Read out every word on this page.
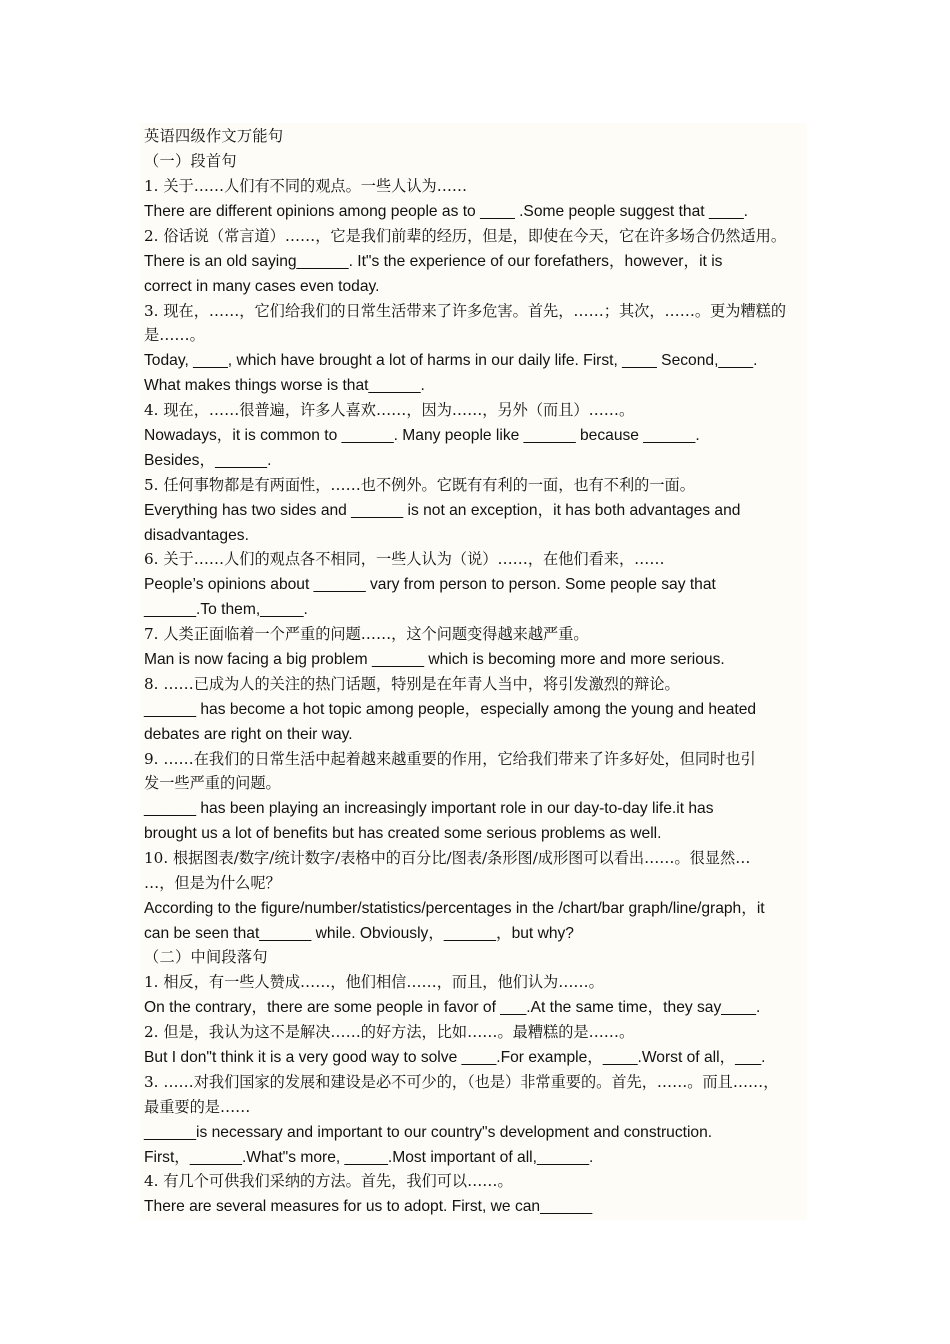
英语四级作文万能句
（一）段首句
1. 关于……人们有不同的观点。一些人认为……
There are different opinions among people as to ____ .Some people suggest that ____.
2. 俗话说（常言道）……，它是我们前辈的经历，但是，即使在今天，它在许多场合仍然适用。
There is an old saying______. It"s the experience of our forefathers，however，it is
correct in many cases even today.
3. 现在，……，它们给我们的日常生活带来了许多危害。首先，……；其次，……。更为糟糕的
是……。
Today, ____, which have brought a lot of harms in our daily life. First, ____ Second,____.
What makes things worse is that______.
4. 现在，……很普遍，许多人喜欢……，因为……，另外（而且）……。
Nowadays，it is common to ______. Many people like ______ because ______.
Besides，______.
5. 任何事物都是有两面性，……也不例外。它既有有利的一面，也有不利的一面。
Everything has two sides and ______ is not an exception，it has both advantages and
disadvantages.
6. 关于……人们的观点各不相同，一些人认为（说）……，在他们看来，……
People’s opinions about ______ vary from person to person. Some people say that
______.To them,_____.
7. 人类正面临着一个严重的问题……，这个问题变得越来越严重。
Man is now facing a big problem ______ which is becoming more and more serious.
8. ……已成为人的关注的热门话题，特别是在年青人当中，将引发激烈的辩论。
______ has become a hot topic among people，especially among the young and heated
debates are right on their way.
9. ……在我们的日常生活中起着越来越重要的作用，它给我们带来了许多好处，但同时也引
发一些严重的问题。
______ has been playing an increasingly important role in our day-to-day life.it has
brought us a lot of benefits but has created some serious problems as well.
10. 根据图表/数字/统计数字/表格中的百分比/图表/条形图/成形图可以看出……。很显然…
…，但是为什么呢？
According to the figure/number/statistics/percentages in the /chart/bar graph/line/graph，it
can be seen that______ while. Obviously，______，but why?
（二）中间段落句
1. 相反，有一些人赞成……，他们相信……，而且，他们认为……。
On the contrary，there are some people in favor of ___.At the same time，they say____.
2. 但是，我认为这不是解决……的好方法，比如……。最糟糕的是……。
But I don"t think it is a very good way to solve ____.For example，____.Worst of all，___.
3. ……对我们国家的发展和建设是必不可少的，（也是）非常重要的。首先，……。而且……，
最重要的是……
______is necessary and important to our country"s development and construction.
First，______.What"s more, _____.Most important of all,______.
4. 有几个可供我们采纳的方法。首先，我们可以……。
There are several measures for us to adopt. First, we can______
